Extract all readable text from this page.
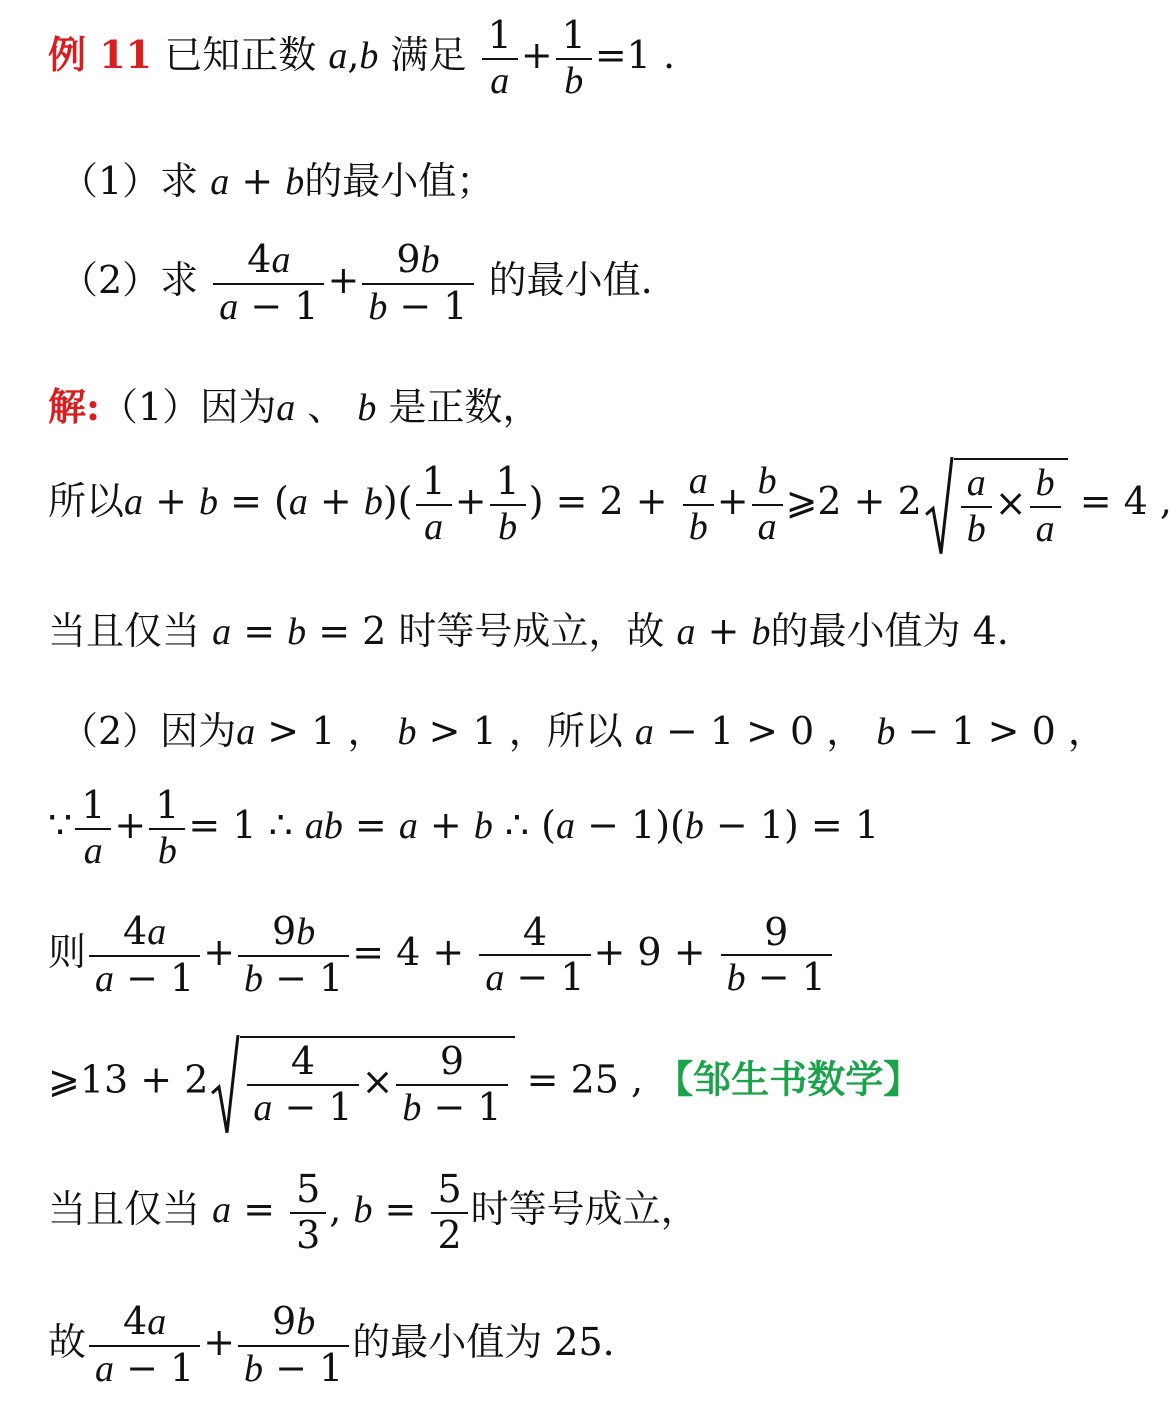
例 11 已知正数 a,b 满足 $\frac{1}{a} + \frac{1}{b} =1$ .
（1）求 a + b的最小值；
（2）求 $\frac{4a}{a - 1} + \frac{9b}{b - 1}$ 的最小值.
解:（1）因为a 、 b 是正数，
所以$a + b = (a + b)( \frac{1}{a} + \frac{1}{b}$ ) = $2 + \frac{a}{b} + \frac{b}{a}$ ⩾2 + $2 \frac{a}{b} \times \frac{b}{a} = 4$ ,
当且仅当 a = b = 2 时等号成立，故 a + b的最小值为 4.
（2）因为a > 1 ， b > 1 ，所以 a − 1 > 0 ， b − 1 > 0 ，
∵ $\frac{1}{a} + \frac{1}{b} = 1$ ∴ ab = a + b ∴ (a − 1)(b − 1) = 1
则 $\frac{4a}{a - 1} + \frac{9b}{b - 1} = 4 + \frac{4}{a - 1} + 9 + \frac{9}{b - 1}$
⩾13 + $2 \frac{4}{a - 1} \times \frac{9}{b - 1} = 25$ , 【邹生书数学】
当且仅当 $a = \frac{5}{3}$ , $b = \frac{5}{2}$ 时等号成立，
故 $\frac{4a}{a - 1} + \frac{9b}{b - 1}$ 的最小值为 25.
